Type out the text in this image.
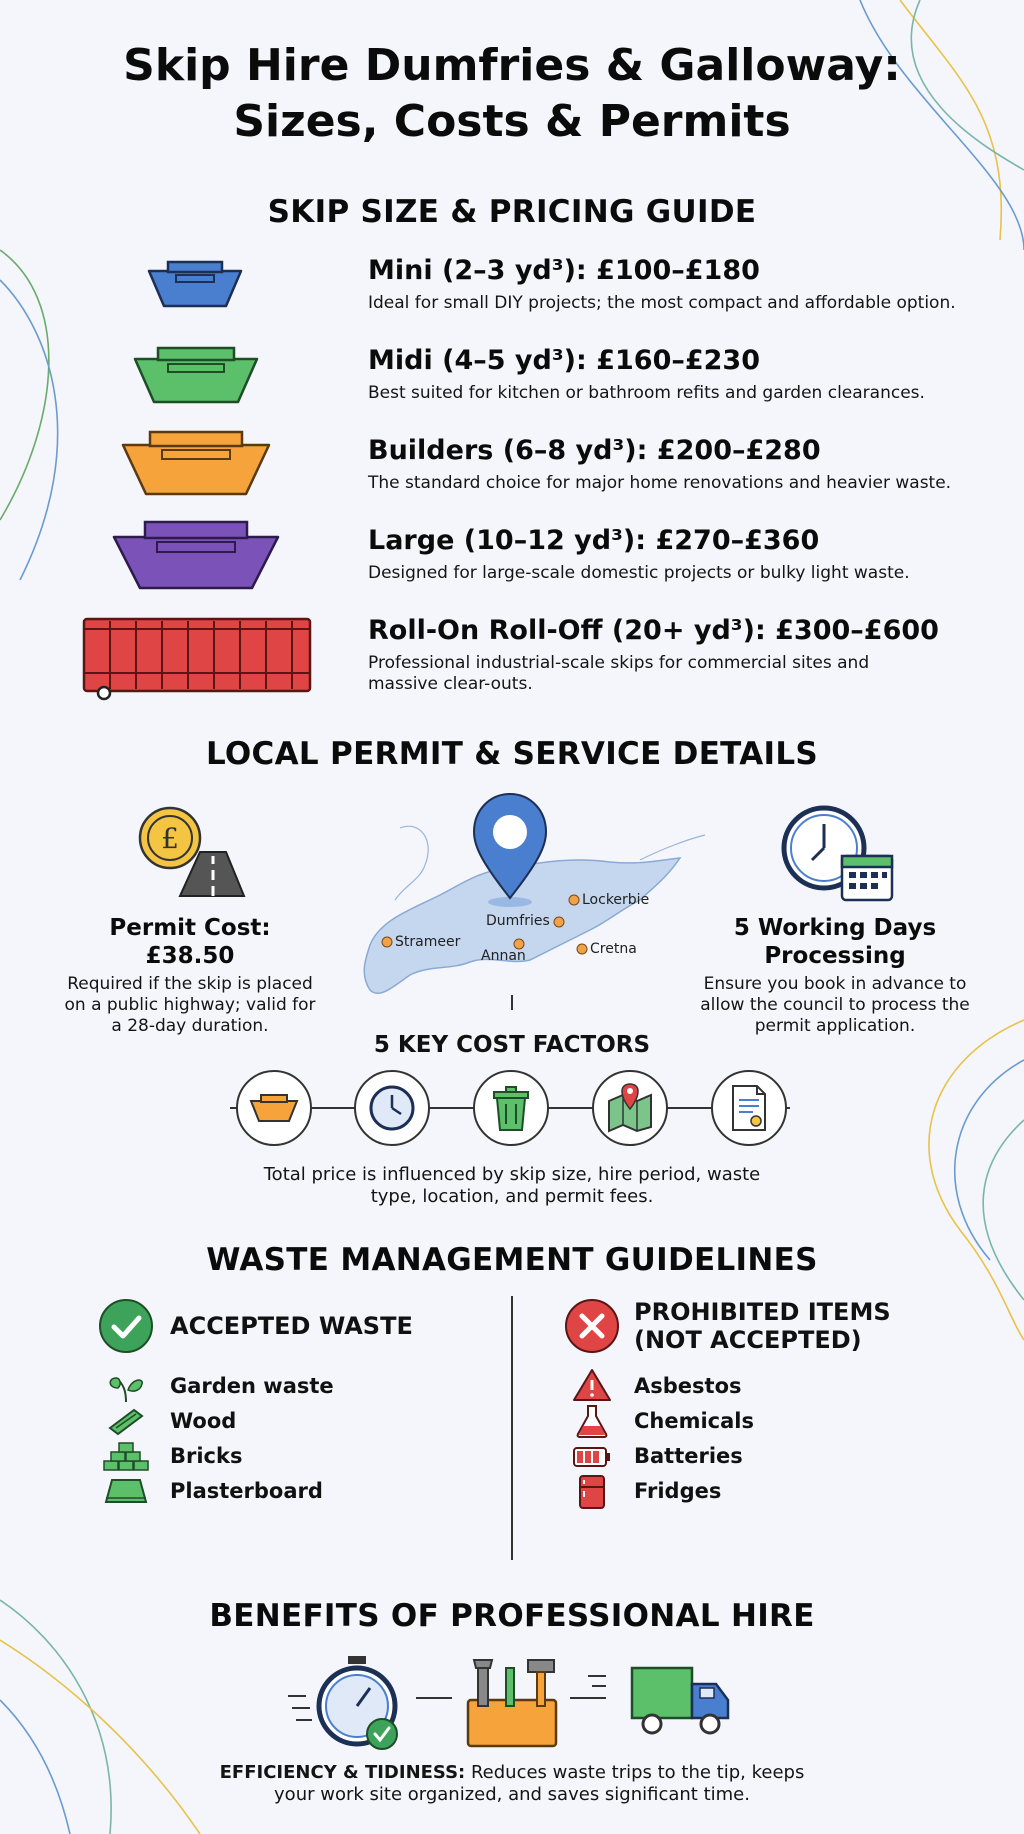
Skip Hire Dumfries & Galloway:
Sizes, Costs & Permits
SKIP SIZE & PRICING GUIDE
Mini (2–3 yd³): £100–£180
Ideal for small DIY projects; the most compact and affordable option.
Midi (4–5 yd³): £160–£230
Best suited for kitchen or bathroom refits and garden clearances.
Builders (6–8 yd³): £200–£280
The standard choice for major home renovations and heavier waste.
Large (10–12 yd³): £270–£360
Designed for large-scale domestic projects or bulky light waste.
Roll-On Roll-Off (20+ yd³): £300–£600
Professional industrial-scale skips for commercial sites and massive clear-outs.
LOCAL PERMIT & SERVICE DETAILS
£
Permit Cost:
£38.50
Required if the skip is placed on a public highway; valid for a 28-day duration.
Lockerbie
Dumfries
Strameer
Annan	Cretna
5 Working Days Processing
Ensure you book in advance to allow the council to process the permit application.
5 KEY COST FACTORS
Total price is influenced by skip size, hire period, waste type, location, and permit fees.
WASTE MANAGEMENT GUIDELINES
ACCEPTED WASTE
Garden waste
Wood
Bricks
Plasterboard
PROHIBITED ITEMS
(NOT ACCEPTED)
Asbestos
Chemicals
Batteries
Fridges
BENEFITS OF PROFESSIONAL HIRE
EFFICIENCY & TIDINESS: Reduces waste trips to the tip, keeps your work site organized, and saves significant time.
